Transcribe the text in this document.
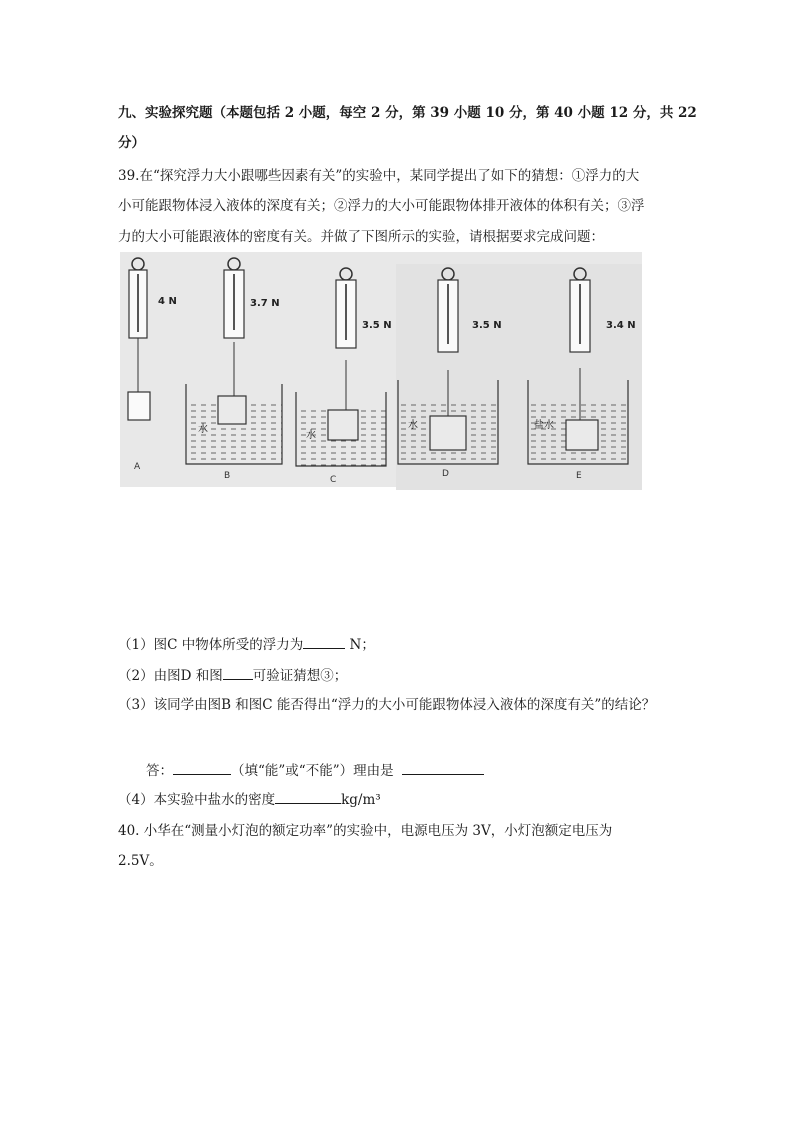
九、实验探究题（本题包括 2 小题，每空 2 分，第 39 小题 10 分，第 40 小题 12 分，共 22
分）
39.在“探究浮力大小跟哪些因素有关”的实验中，某同学提出了如下的猜想：①浮力的大
小可能跟物体浸入液体的深度有关；②浮力的大小可能跟物体排开液体的体积有关；③浮
力的大小可能跟液体的密度有关。并做了下图所示的实验，请根据要求完成问题：
4 N
A
3.7 N
水
B
3.5 N
水
C
3.5 N
水
D
3.4 N
盐水
E
（1）图C 中物体所受的浮力为	N；
（2）由图D 和图 可验证猜想③；
（3）该同学由图B 和图C 能否得出“浮力的大小可能跟物体浸入液体的深度有关”的结论？
答：	（填“能”或“不能”）理由是
（4）本实验中盐水的密度	kg/m³
40. 小华在“测量小灯泡的额定功率”的实验中，电源电压为 3V，小灯泡额定电压为
2.5V。
